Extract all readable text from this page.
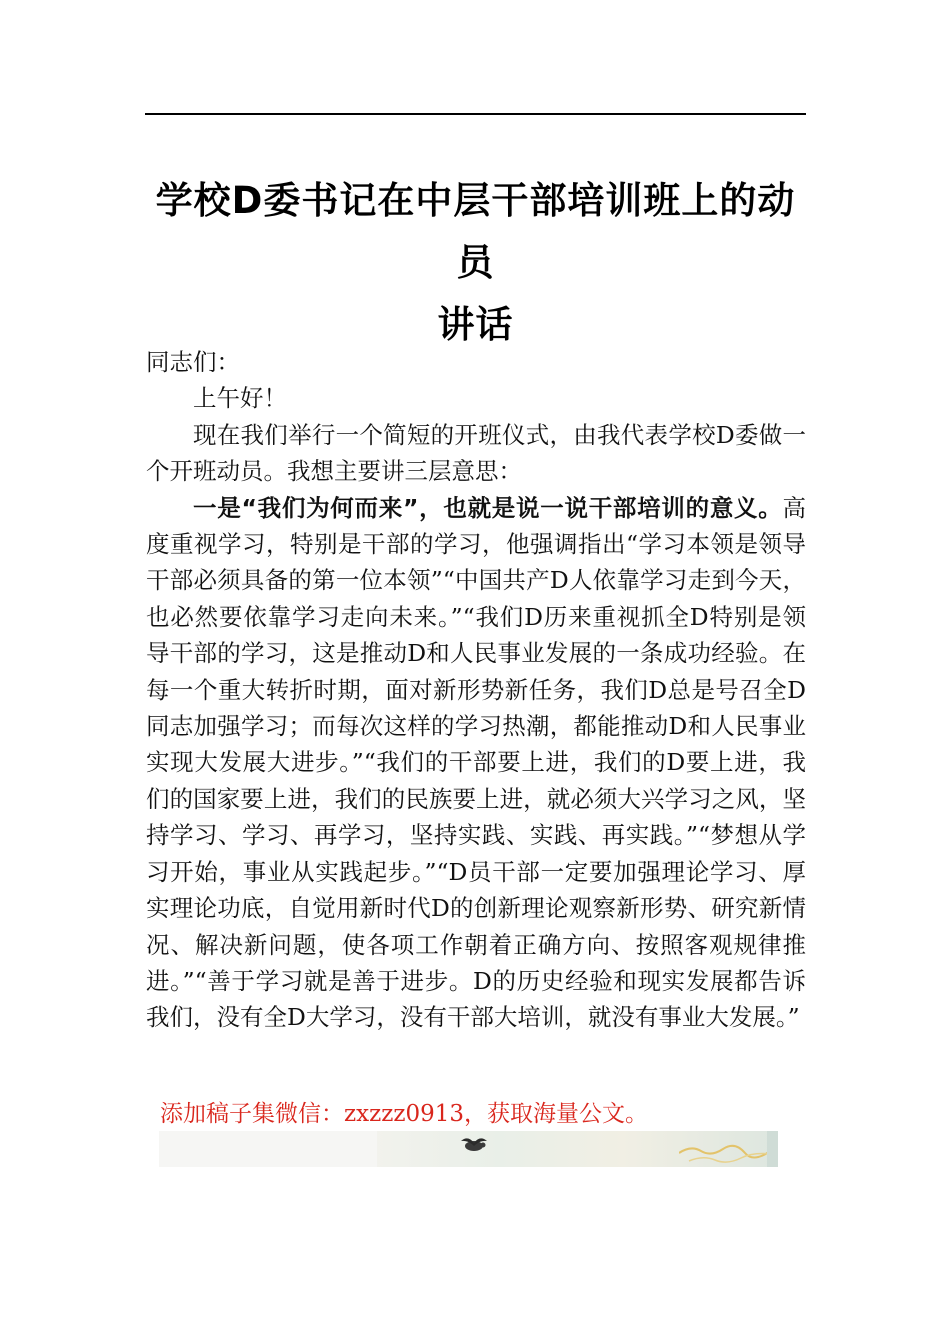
学校D委书记在中层干部培训班上的动员
讲话

同志们：

上午好！

现在我们举行一个简短的开班仪式，由我代表学校D委做一个开班动员。我想主要讲三层意思：

一是“我们为何而来”，也就是说一说干部培训的意义。高度重视学习，特别是干部的学习，他强调指出“学习本领是领导干部必须具备的第一位本领”“中国共产D人依靠学习走到今天，也必然要依靠学习走向未来。”“我们D历来重视抓全D特别是领导干部的学习，这是推动D和人民事业发展的一条成功经验。在每一个重大转折时期，面对新形势新任务，我们D总是号召全D同志加强学习；而每次这样的学习热潮，都能推动D和人民事业实现大发展大进步。”“我们的干部要上进，我们的D要上进，我们的国家要上进，我们的民族要上进，就必须大兴学习之风，坚持学习、学习、再学习，坚持实践、实践、再实践。”“梦想从学习开始，事业从实践起步。”“D员干部一定要加强理论学习、厚实理论功底，自觉用新时代D的创新理论观察新形势、研究新情况、解决新问题，使各项工作朝着正确方向、按照客观规律推进。”“善于学习就是善于进步。D的历史经验和现实发展都告诉我们，没有全D大学习，没有干部大培训，就没有事业大发展。”

添加稿子集微信：zxzzz0913，获取海量公文。
